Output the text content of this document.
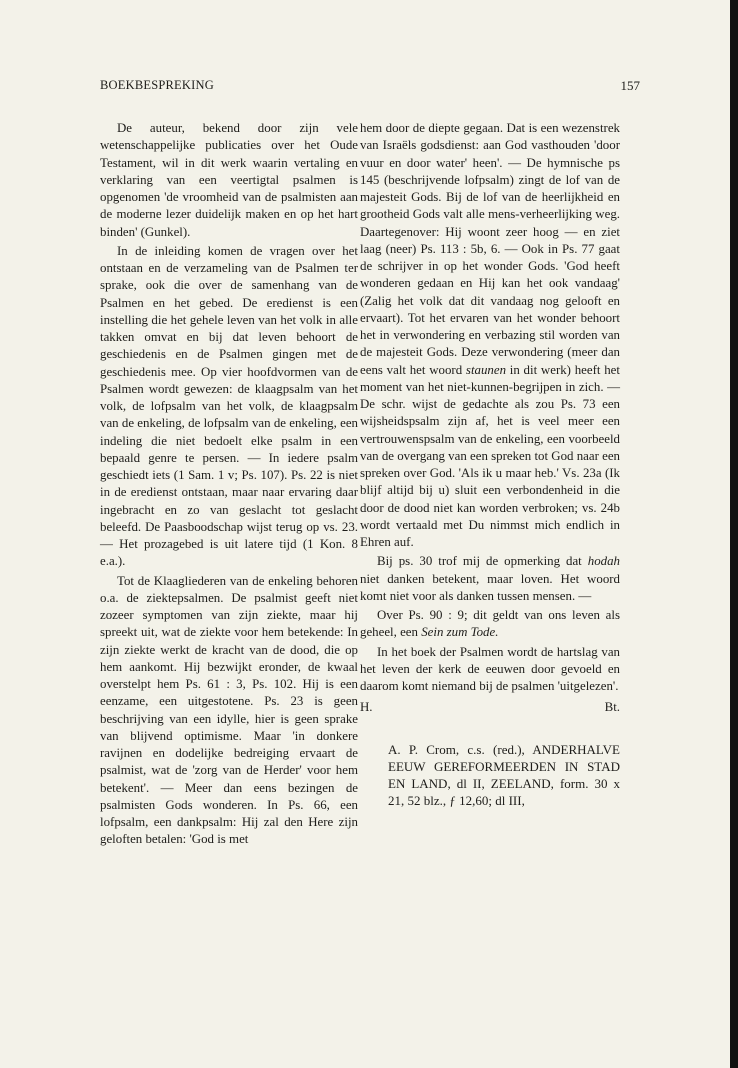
BOEKBESPREKING	157

De auteur, bekend door zijn vele wetenschappelijke publicaties over het Oude Testament, wil in dit werk waarin vertaling en verklaring van een veertigtal psalmen is opgenomen 'de vroomheid van de psalmisten aan de moderne lezer duidelijk maken en op het hart binden' (Gunkel).

In de inleiding komen de vragen over het ontstaan en de verzameling van de Psalmen ter sprake, ook die over de samenhang van de Psalmen en het gebed. De eredienst is een instelling die het gehele leven van het volk in alle takken omvat en bij dat leven behoort de geschiedenis en de Psalmen gingen met de geschiedenis mee. Op vier hoofdvormen van de Psalmen wordt gewezen: de klaagpsalm van het volk, de lofpsalm van het volk, de klaagpsalm van de enkeling, de lofpsalm van de enkeling, een indeling die niet bedoelt elke psalm in een bepaald genre te persen. — In iedere psalm geschiedt iets (1 Sam. 1 v; Ps. 107). Ps. 22 is niet in de eredienst ontstaan, maar naar ervaring daar ingebracht en zo van geslacht tot geslacht beleefd. De Paasboodschap wijst terug op vs. 23. — Het prozagebed is uit latere tijd (1 Kon. 8 e.a.).

Tot de Klaagliederen van de enkeling behoren o.a. de ziektepsalmen. De psalmist geeft niet zozeer symptomen van zijn ziekte, maar hij spreekt uit, wat de ziekte voor hem betekende: In zijn ziekte werkt de kracht van de dood, die op hem aankomt. Hij bezwijkt eronder, de kwaal overstelpt hem Ps. 61 : 3, Ps. 102. Hij is een eenzame, een uitgestotene. Ps. 23 is geen beschrijving van een idylle, hier is geen sprake van blijvend optimisme. Maar 'in donkere ravijnen en dodelijke bedreiging ervaart de psalmist, wat de 'zorg van de Herder' voor hem betekent'. — Meer dan eens bezingen de psalmisten Gods wonderen. In Ps. 66, een lofpsalm, een dankpsalm: Hij zal den Here zijn geloften betalen: 'God is met

hem door de diepte gegaan. Dat is een wezenstrek van Israëls godsdienst: aan God vasthouden 'door vuur en door water' heen'. — De hymnische ps 145 (beschrijvende lofpsalm) zingt de lof van de majesteit Gods. Bij de lof van de heerlijkheid en grootheid Gods valt alle mens-verheerlijking weg. Daartegenover: Hij woont zeer hoog — en ziet laag (neer) Ps. 113 : 5b, 6. — Ook in Ps. 77 gaat de schrijver in op het wonder Gods. 'God heeft wonderen gedaan en Hij kan het ook vandaag' (Zalig het volk dat dit vandaag nog gelooft en ervaart). Tot het ervaren van het wonder behoort het in verwondering en verbazing stil worden van de majesteit Gods. Deze verwondering (meer dan eens valt het woord staunen in dit werk) heeft het moment van het niet-kunnen-begrijpen in zich. — De schr. wijst de gedachte als zou Ps. 73 een wijsheidspsalm zijn af, het is veel meer een vertrouwenspsalm van de enkeling, een voorbeeld van de overgang van een spreken tot God naar een spreken over God. 'Als ik u maar heb.' Vs. 23a (Ik blijf altijd bij u) sluit een verbondenheid in die door de dood niet kan worden verbroken; vs. 24b wordt vertaald met Du nimmst mich endlich in Ehren auf.

Bij ps. 30 trof mij de opmerking dat hodah niet danken betekent, maar loven. Het woord komt niet voor als danken tussen mensen. —

Over Ps. 90 : 9; dit geldt van ons leven als geheel, een Sein zum Tode.

In het boek der Psalmen wordt de hartslag van het leven der kerk de eeuwen door gevoeld en daarom komt niemand bij de psalmen 'uitgelezen'.

H.	Bt.

A. P. Crom, c.s. (red.), ANDERHALVE EEUW GEREFORMEERDEN IN STAD EN LAND, dl II, ZEELAND, form. 30 x 21, 52 blz., ƒ 12,60; dl III,
